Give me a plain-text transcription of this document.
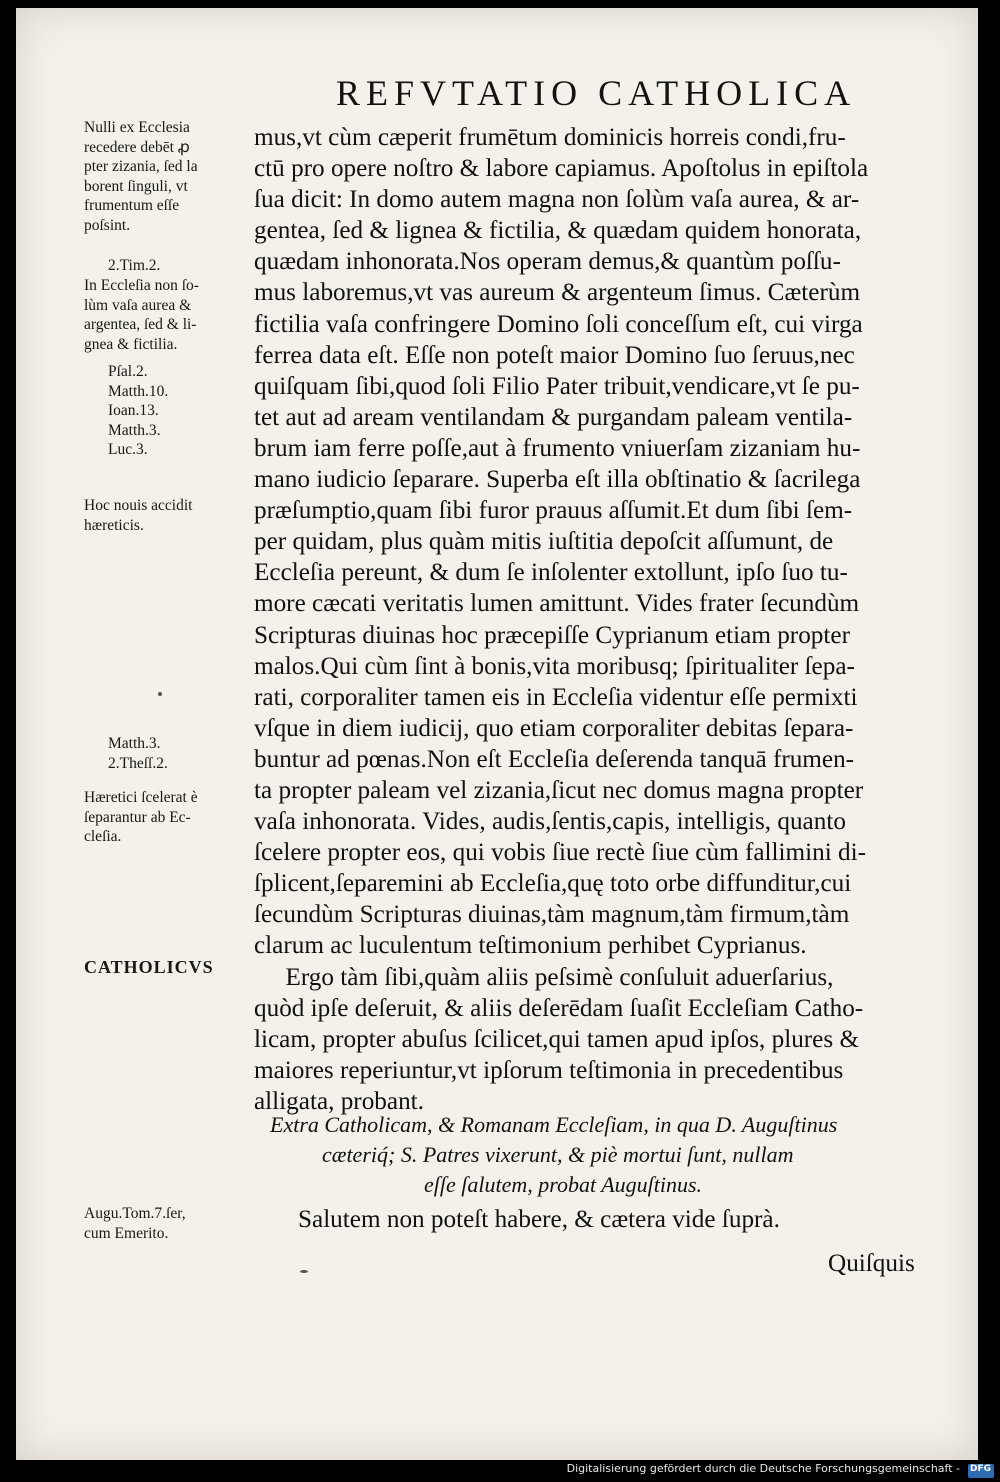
REFVTATIO CATHOLICA
Nulli ex Ecclesia
recedere debēt ꝓ
pter zizania, ſed la
borent ſinguli, vt
frumentum eſſe
poſsint.
2.Tim.2.
In Eccleſia non ſo-
lùm vaſa aurea &
argentea, ſed & li-
gnea & fictilia.
Pſal.2.
Matth.10.
Ioan.13.
Matth.3.
Luc.3.
Hoc nouis accidit
hæreticis.
Matth.3.
2.Theſſ.2.
Hæretici ſcelerat è
ſeparantur ab Ec-
cleſia.
CATHOLICVS
Augu.Tom.7.ſer,
cum Emerito.
mus,vt cùm cæperit frumētum dominicis horreis condi,fru-
ctū pro opere noſtro & labore capiamus. Apoſtolus in epiſtola
ſua dicit: In domo autem magna non ſolùm vaſa aurea, & ar-
gentea, ſed & lignea & fictilia, & quædam quidem honorata,
quædam inhonorata.Nos operam demus,& quantùm poſſu-
mus laboremus,vt vas aureum & argenteum ſimus. Cæterùm
fictilia vaſa confringere Domino ſoli conceſſum eſt, cui virga
ferrea data eſt. Eſſe non poteſt maior Domino ſuo ſeruus,nec
quiſquam ſibi,quod ſoli Filio Pater tribuit,vendicare,vt ſe pu-
tet aut ad aream ventilandam & purgandam paleam ventila-
brum iam ferre poſſe,aut à frumento vniuerſam zizaniam hu-
mano iudicio ſeparare. Superba eſt illa obſtinatio & ſacrilega
præſumptio,quam ſibi furor prauus aſſumit.Et dum ſibi ſem-
per quidam, plus quàm mitis iuſtitia depoſcit aſſumunt, de
Eccleſia pereunt, & dum ſe inſolenter extollunt, ipſo ſuo tu-
more cæcati veritatis lumen amittunt. Vides frater ſecundùm
Scripturas diuinas hoc præcepiſſe Cyprianum etiam propter
malos.Qui cùm ſint à bonis,vita moribusq; ſpiritualiter ſepa-
rati, corporaliter tamen eis in Eccleſia videntur eſſe permixti
vſque in diem iudicij, quo etiam corporaliter debitas ſepara-
buntur ad pœnas.Non eſt Eccleſia deſerenda tanquā frumen-
ta propter paleam vel zizania,ſicut nec domus magna propter
vaſa inhonorata. Vides, audis,ſentis,capis, intelligis, quanto
ſcelere propter eos, qui vobis ſiue rectè ſiue cùm fallimini di-
ſplicent,ſeparemini ab Eccleſia,quę toto orbe diffunditur,cui
ſecundùm Scripturas diuinas,tàm magnum,tàm firmum,tàm
clarum ac luculentum teſtimonium perhibet Cyprianus.
Ergo tàm ſibi,quàm aliis peſsimè conſuluit aduerſarius,
quòd ipſe deſeruit, & aliis deſerēdam ſuaſit Eccleſiam Catho-
licam, propter abuſus ſcilicet,qui tamen apud ipſos, plures &
maiores reperiuntur,vt ipſorum teſtimonia in precedentibus
alligata, probant.
Extra Catholicam, & Romanam Eccleſiam, in qua D. Auguſtinus
cæteriq́; S. Patres vixerunt, & piè mortui ſunt, nullam
eſſe ſalutem, probat Auguſtinus.
Salutem non poteſt habere, & cætera vide ſuprà.
Quiſquis
Digitalisierung gefördert durch die Deutsche Forschungsgemeinschaft -
DFG
